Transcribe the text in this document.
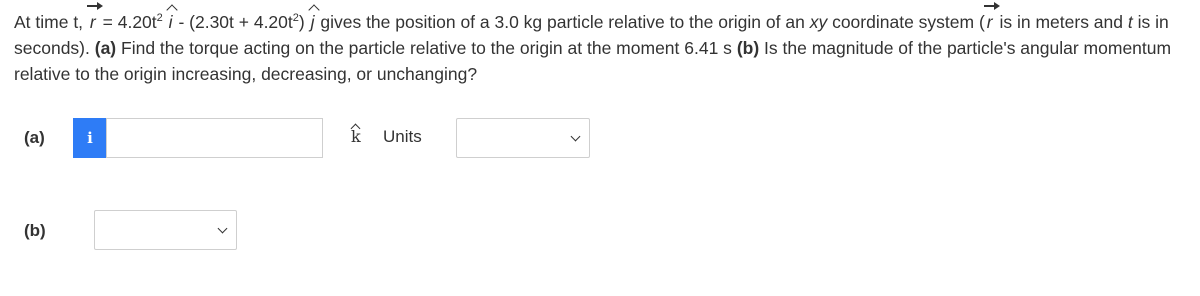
At time t, $r = 4.20t^2$ $i - (2.30t + 4.20t^2)$ j gives the position of a 3.0 kg particle relative to the origin of an xy coordinate system ( r is in meters and t is in seconds). (a) Find the torque acting on the particle relative to the origin at the moment 6.41 s (b) Is the magnitude of the particle's angular momentum relative to the origin increasing, decreasing, or unchanging?
(a)	i	k Units
(b)
